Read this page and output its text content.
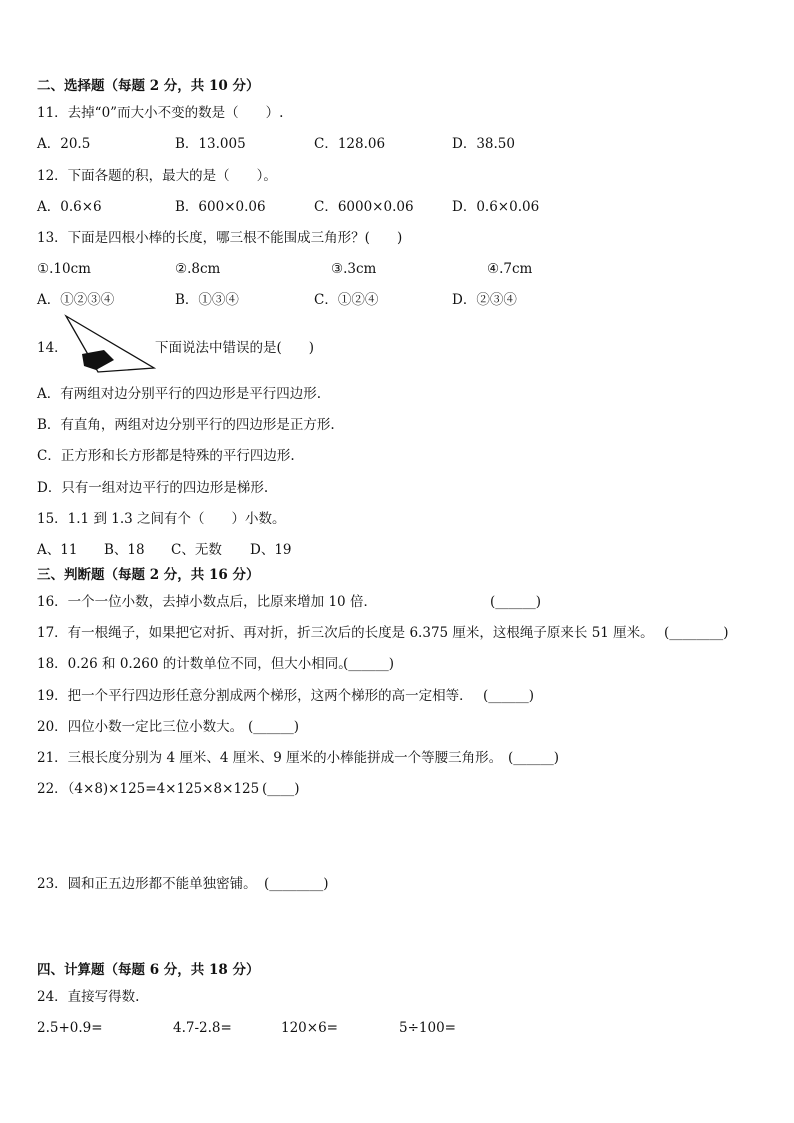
二、选择题（每题 2 分，共 10 分）
11．去掉“0”而大小不变的数是（　　）.
A．20.5	B．13.005	C．128.06	D．38.50
12．下面各题的积，最大的是（　　）。
A．0.6×6	B．600×0.06	C．6000×0.06	D．0.6×0.06
13．下面是四根小棒的长度，哪三根不能围成三角形？(　　)
①.10cm	②.8cm	③.3cm	④.7cm
A．①②③④	B．①③④	C．①②④	D．②③④
14．	下面说法中错误的是(　　)
A．有两组对边分别平行的四边形是平行四边形.
B．有直角，两组对边分别平行的四边形是正方形.
C．正方形和长方形都是特殊的平行四边形.
D．只有一组对边平行的四边形是梯形.
15．1.1 到 1.3 之间有个（　　）小数。
A、11 B、18 C、无数 D、19
三、判断题（每题 2 分，共 16 分）
16．一个一位小数，去掉小数点后，比原来增加 10 倍．	(______)
17．有一根绳子，如果把它对折、再对折，折三次后的长度是 6.375 厘米，这根绳子原来长 51 厘米。 (________)
18．0.26 和 0.260 的计数单位不同，但大小相同。
(______)
19．把一个平行四边形任意分割成两个梯形，这两个梯形的高一定相等． (______)
20．四位小数一定比三位小数大。 (______)
21．三根长度分别为 4 厘米、4 厘米、9 厘米的小棒能拼成一个等腰三角形。 (______)
22．（4×8)×125=4×125×8×125 (____)
23．圆和正五边形都不能单独密铺。 (________)
四、计算题（每题 6 分，共 18 分）
24．直接写得数.
2.5+0.9=	4.7-2.8=	120×6=	5÷100=
